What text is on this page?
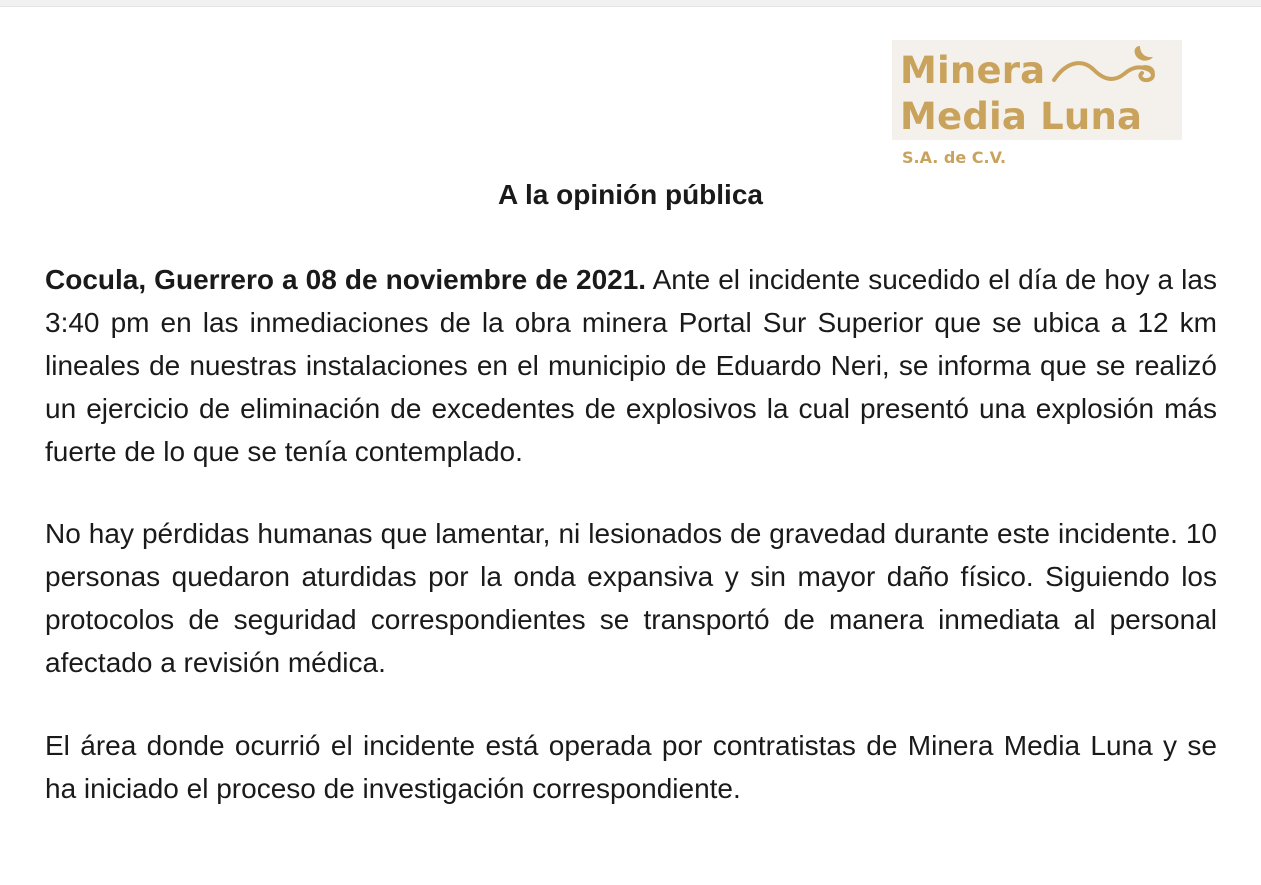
Minera
Media Luna
S.A. de C.V.
A la opinión pública

Cocula, Guerrero a 08 de noviembre de 2021. Ante el incidente sucedido el día de hoy a las 3:40 pm en las inmediaciones de la obra minera Portal Sur Superior que se ubica a 12 km lineales de nuestras instalaciones en el municipio de Eduardo Neri, se informa que se realizó un ejercicio de eliminación de excedentes de explosivos la cual presentó una explosión más fuerte de lo que se tenía contemplado.

No hay pérdidas humanas que lamentar, ni lesionados de gravedad durante este incidente. 10 personas quedaron aturdidas por la onda expansiva y sin mayor daño físico. Siguiendo los protocolos de seguridad correspondientes se transportó de manera inmediata al personal afectado a revisión médica.

El área donde ocurrió el incidente está operada por contratistas de Minera Media Luna y se ha iniciado el proceso de investigación correspondiente.
